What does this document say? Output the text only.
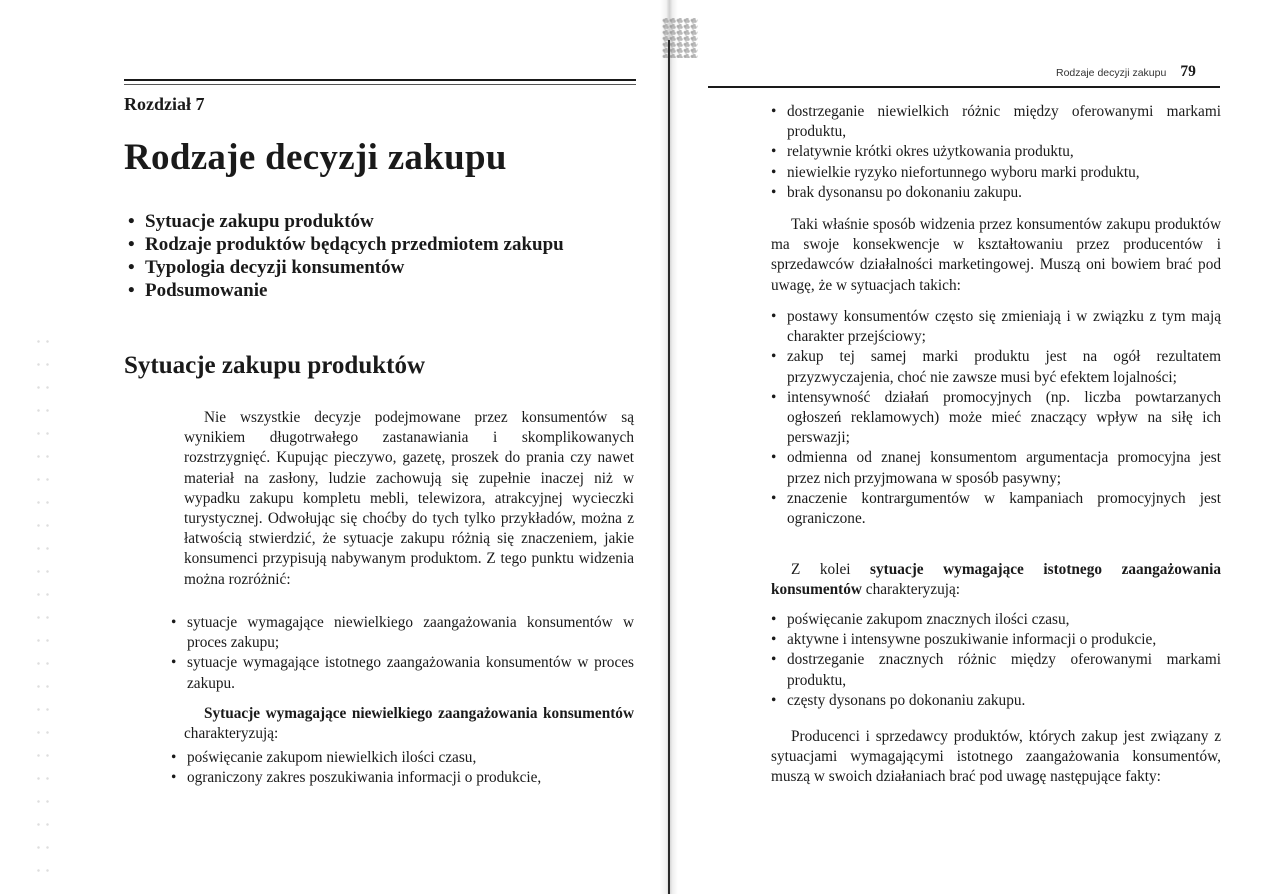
Rozdział 7
Rodzaje decyzji zakupu
• Sytuacje zakupu produktów
• Rodzaje produktów będących przedmiotem zakupu
• Typologia decyzji konsumentów
• Podsumowanie
Sytuacje zakupu produktów

Nie wszystkie decyzje podejmowane przez konsumentów są wynikiem długotrwałego zastanawiania i skomplikowanych rozstrzygnięć. Kupując pieczywo, gazetę, proszek do prania czy nawet materiał na zasłony, ludzie zachowują się zupełnie inaczej niż w wypadku zakupu kompletu mebli, telewizora, atrakcyjnej wycieczki turystycznej. Odwołując się choćby do tych tylko przykładów, można z łatwością stwierdzić, że sytuacje zakupu różnią się znaczeniem, jakie konsumenci przypisują nabywanym produktom. Z tego punktu widzenia można rozróżnić:

• sytuacje wymagające niewielkiego zaangażowania konsumentów w proces zakupu;
• sytuacje wymagające istotnego zaangażowania konsumentów w proces zakupu.

Sytuacje wymagające niewielkiego zaangażowania konsumentów charakteryzują:

• poświęcanie zakupom niewielkich ilości czasu,
• ograniczony zakres poszukiwania informacji o produkcie,
Rodzaje decyzji zakupu 79
• dostrzeganie niewielkich różnic między oferowanymi markami produktu,
• relatywnie krótki okres użytkowania produktu,
• niewielkie ryzyko niefortunnego wyboru marki produktu,
• brak dysonansu po dokonaniu zakupu.

Taki właśnie sposób widzenia przez konsumentów zakupu produktów ma swoje konsekwencje w kształtowaniu przez producentów i sprzedawców działalności marketingowej. Muszą oni bowiem brać pod uwagę, że w sytuacjach takich:

• postawy konsumentów często się zmieniają i w związku z tym mają charakter przejściowy;
• zakup tej samej marki produktu jest na ogół rezultatem przyzwyczajenia, choć nie zawsze musi być efektem lojalności;
• intensywność działań promocyjnych (np. liczba powtarzanych ogłoszeń reklamowych) może mieć znaczący wpływ na siłę ich perswazji;
• odmienna od znanej konsumentom argumentacja promocyjna jest przez nich przyjmowana w sposób pasywny;
• znaczenie kontrargumentów w kampaniach promocyjnych jest ograniczone.

Z kolei sytuacje wymagające istotnego zaangażowania konsumentów charakteryzują:

• poświęcanie zakupom znacznych ilości czasu,
• aktywne i intensywne poszukiwanie informacji o produkcie,
• dostrzeganie znacznych różnic między oferowanymi markami produktu,
• częsty dysonans po dokonaniu zakupu.

Producenci i sprzedawcy produktów, których zakup jest związany z sytuacjami wymagającymi istotnego zaangażowania konsumentów, muszą w swoich działaniach brać pod uwagę następujące fakty:
